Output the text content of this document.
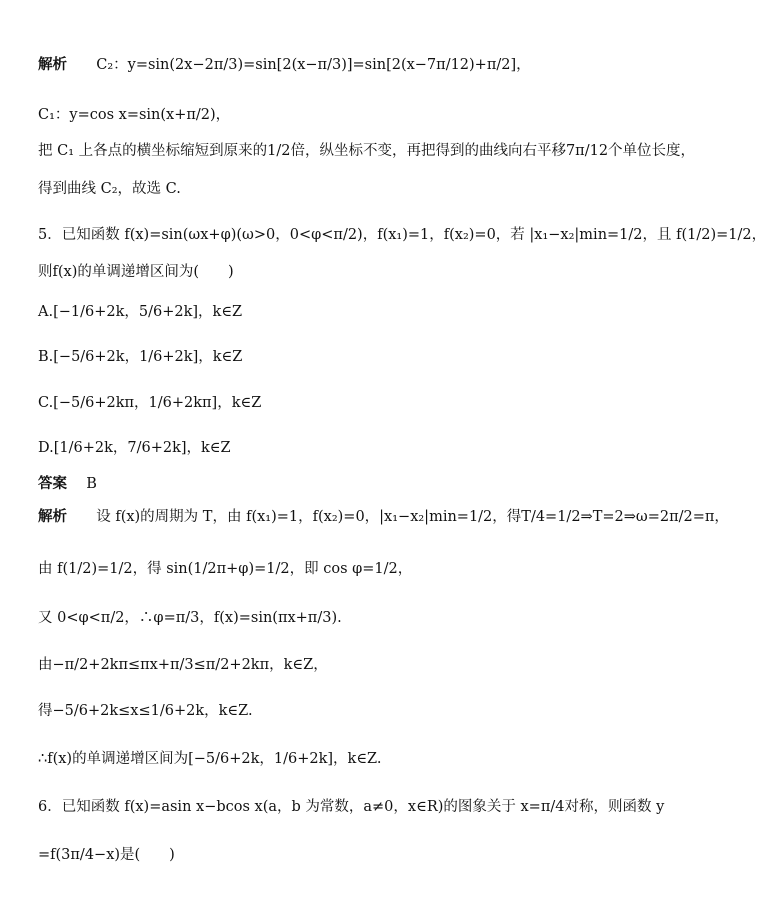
解析 C₂：y=sin(2x−2π/3)=sin[2(x−π/3)]=sin[2(x−7π/12)+π/2]，
C₁：y=cos x=sin(x+π/2)，
把 C₁ 上各点的横坐标缩短到原来的1/2倍，纵坐标不变，再把得到的曲线向右平移7π/12个单位长度，
得到曲线 C₂，故选 C.
5．已知函数 f(x)=sin(ωx+φ)(ω>0，0<φ<π/2)，f(x₁)=1，f(x₂)=0，若 |x₁−x₂|min=1/2，且 f(1/2)=1/2，
则f(x)的单调递增区间为(　　)
A.[−1/6+2k，5/6+2k]，k∈Z
B.[−5/6+2k，1/6+2k]，k∈Z
C.[−5/6+2kπ，1/6+2kπ]，k∈Z
D.[1/6+2k，7/6+2k]，k∈Z
答案 B
解析 设 f(x)的周期为 T，由 f(x₁)=1，f(x₂)=0，|x₁−x₂|min=1/2，得T/4=1/2⇒T=2⇒ω=2π/2=π，
由 f(1/2)=1/2，得 sin(1/2π+φ)=1/2，即 cos φ=1/2，
又 0<φ<π/2，∴φ=π/3，f(x)=sin(πx+π/3).
由−π/2+2kπ≤πx+π/3≤π/2+2kπ，k∈Z，
得−5/6+2k≤x≤1/6+2k，k∈Z.
∴f(x)的单调递增区间为[−5/6+2k，1/6+2k]，k∈Z.
6．已知函数 f(x)=asin x−bcos x(a，b 为常数，a≠0，x∈R)的图象关于 x=π/4对称，则函数 y
=f(3π/4−x)是(　　)
